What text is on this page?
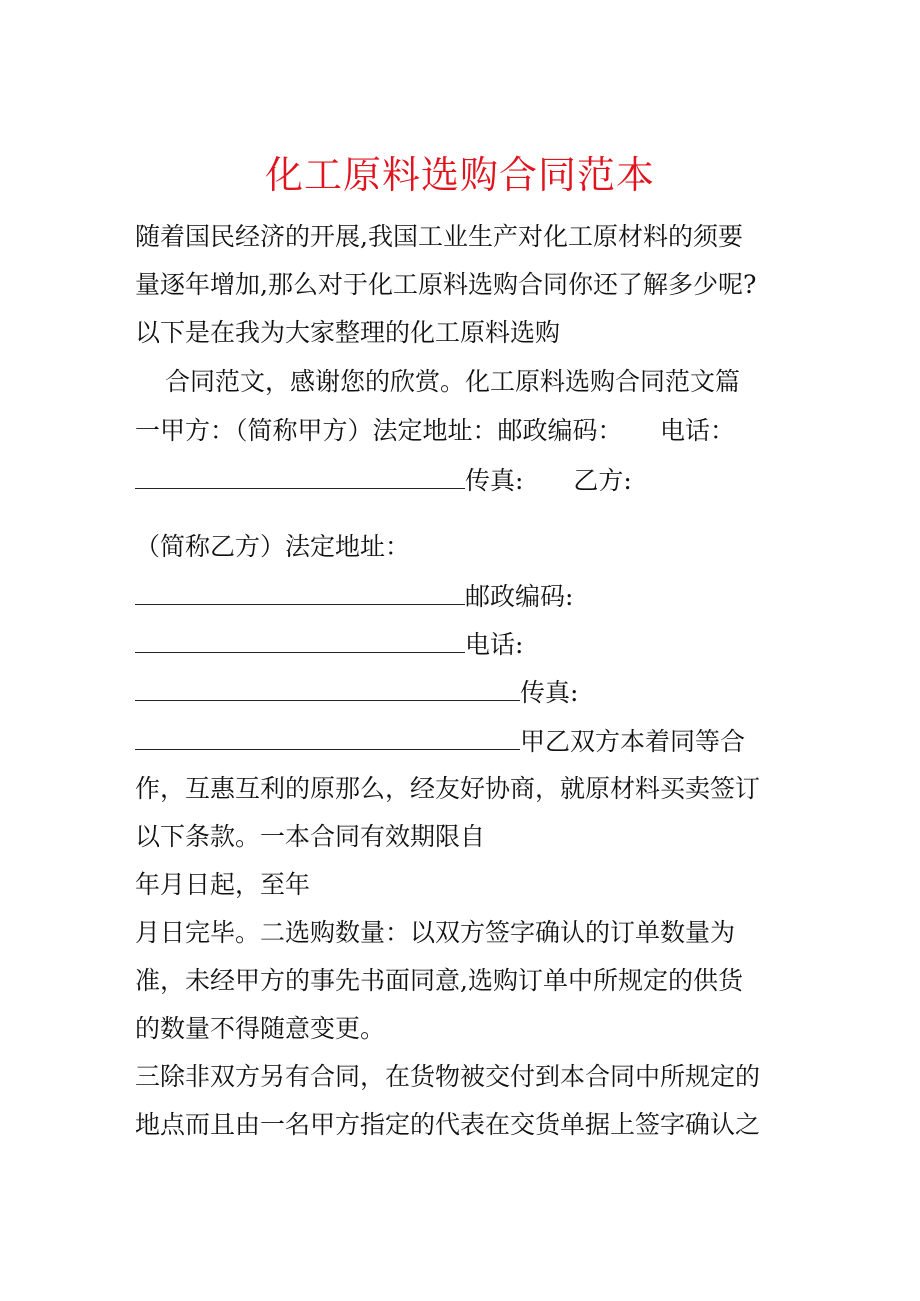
化工原料选购合同范本
随着国民经济的开展,我国工业生产对化工原材料的须要
量逐年增加,那么对于化工原料选购合同你还了解多少呢?
以下是在我为大家整理的化工原料选购
合同范文，感谢您的欣赏。化工原料选购合同范文篇
一甲方：（简称甲方）法定地址：邮政编码：　　电话：
传真:　　乙方:
（简称乙方）法定地址：
邮政编码:
电话:
传真:
甲乙双方本着同等合
作，互惠互利的原那么，经友好协商，就原材料买卖签订
以下条款。一本合同有效期限自
年月日起，至年
月日完毕。二选购数量：以双方签字确认的订单数量为
准，未经甲方的事先书面同意,选购订单中所规定的供货
的数量不得随意变更。
三除非双方另有合同，在货物被交付到本合同中所规定的
地点而且由一名甲方指定的代表在交货单据上签字确认之
